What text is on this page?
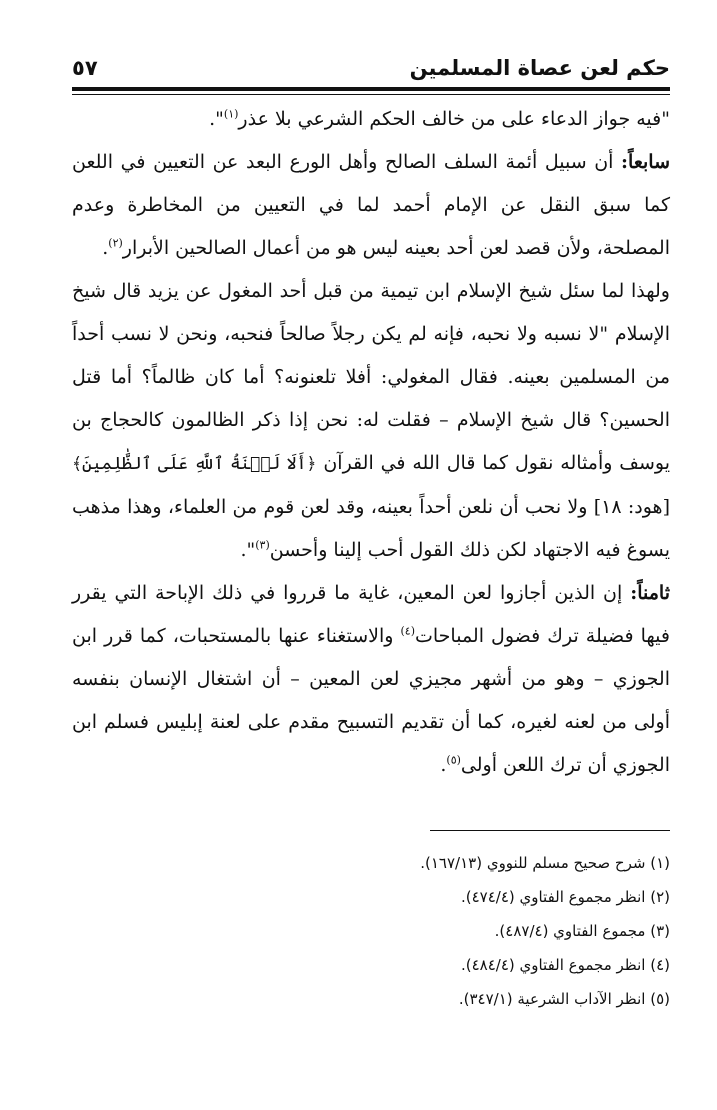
حكم لعن عصاة المسلمين
٥٧

"فيه جواز الدعاء على من خالف الحكم الشرعي بلا عذر$^{(١)}$".

سابعاً: أن سبيل أئمة السلف الصالح وأهل الورع البعد عن التعيين في اللعن كما سبق النقل عن الإمام أحمد لما في التعيين من المخاطرة وعدم المصلحة، ولأن قصد لعن أحد بعينه ليس هو من أعمال الصالحين الأبرار$^{(٢)}$.

ولهذا لما سئل شيخ الإسلام ابن تيمية من قبل أحد المغول عن يزيد قال شيخ الإسلام "لا نسبه ولا نحبه، فإنه لم يكن رجلاً صالحاً فنحبه، ونحن لا نسب أحداً من المسلمين بعينه. فقال المغولي: أفلا تلعنونه؟ أما كان ظالماً؟ أما قتل الحسين؟ قال شيخ الإسلام – فقلت له: نحن إذا ذكر الظالمون كالحجاج بن يوسف وأمثاله نقول كما قال الله في القرآن ﴿أَلَا لَعۡنَةُ ٱللَّهِ عَلَى ٱلظَّٰلِمِينَ﴾ [هود: ١٨] ولا نحب أن نلعن أحداً بعينه، وقد لعن قوم من العلماء، وهذا مذهب يسوغ فيه الاجتهاد لكن ذلك القول أحب إلينا وأحسن$^{(٣)}$".

ثامناً: إن الذين أجازوا لعن المعين، غاية ما قرروا في ذلك الإباحة التي يقرر فيها فضيلة ترك فضول المباحات$^{(٤)}$ والاستغناء عنها بالمستحبات، كما قرر ابن الجوزي – وهو من أشهر مجيزي لعن المعين – أن اشتغال الإنسان بنفسه أولى من لعنه لغيره، كما أن تقديم التسبيح مقدم على لعنة إبليس فسلم ابن الجوزي أن ترك اللعن أولى$^{(٥)}$.

(١) شرح صحيح مسلم للنووي (١٦٧/١٣).
(٢) انظر مجموع الفتاوي (٤٧٤/٤).
(٣) مجموع الفتاوي (٤٨٧/٤).
(٤) انظر مجموع الفتاوي (٤٨٤/٤).
(٥) انظر الآداب الشرعية (٣٤٧/١).
